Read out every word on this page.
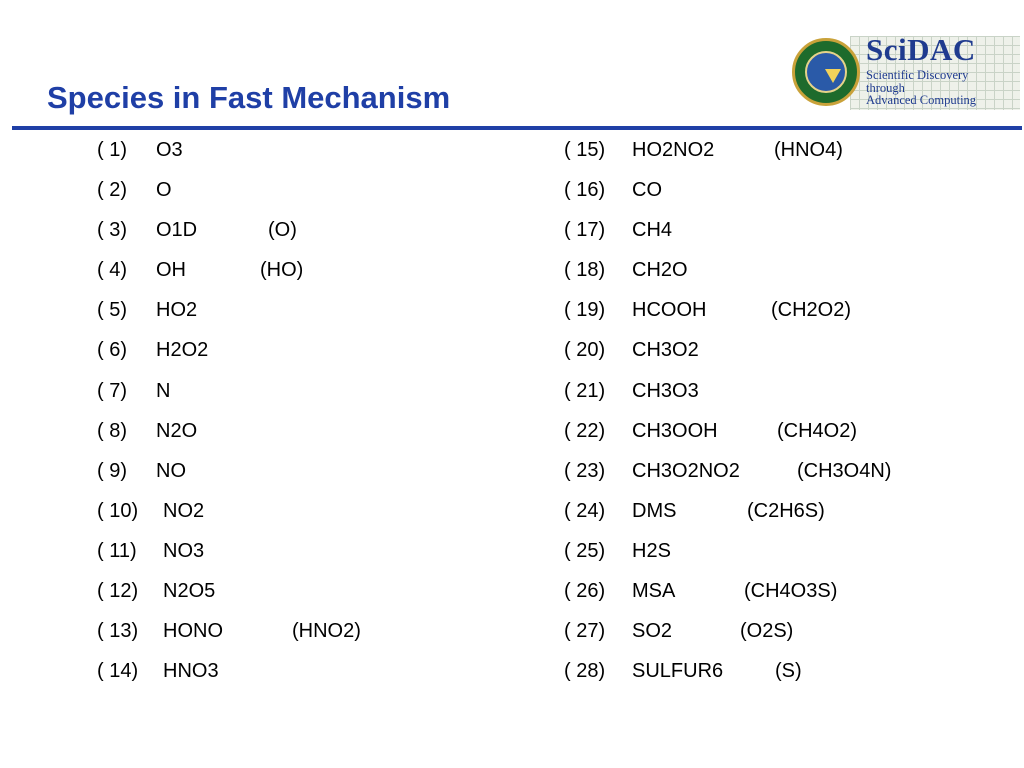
SciDAC
Scientific Discovery
through
Advanced Computing
Species in Fast Mechanism
( 1) O3
( 2) O
( 3) O1D	(O)
( 4) OH	(HO)
( 5) HO2
( 6) H2O2
( 7) N
( 8) N2O
( 9) NO
( 10) NO2
( 11) NO3
( 12) N2O5
( 13) HONO	(HNO2)
( 14) HNO3
( 15) HO2NO2	(HNO4)
( 16) CO
( 17) CH4
( 18) CH2O
( 19) HCOOH	(CH2O2)
( 20) CH3O2
( 21) CH3O3
( 22) CH3OOH	(CH4O2)
( 23) CH3O2NO2	(CH3O4N)
( 24) DMS	(C2H6S)
( 25) H2S
( 26) MSA	(CH4O3S)
( 27) SO2	(O2S)
( 28) SULFUR6	(S)
